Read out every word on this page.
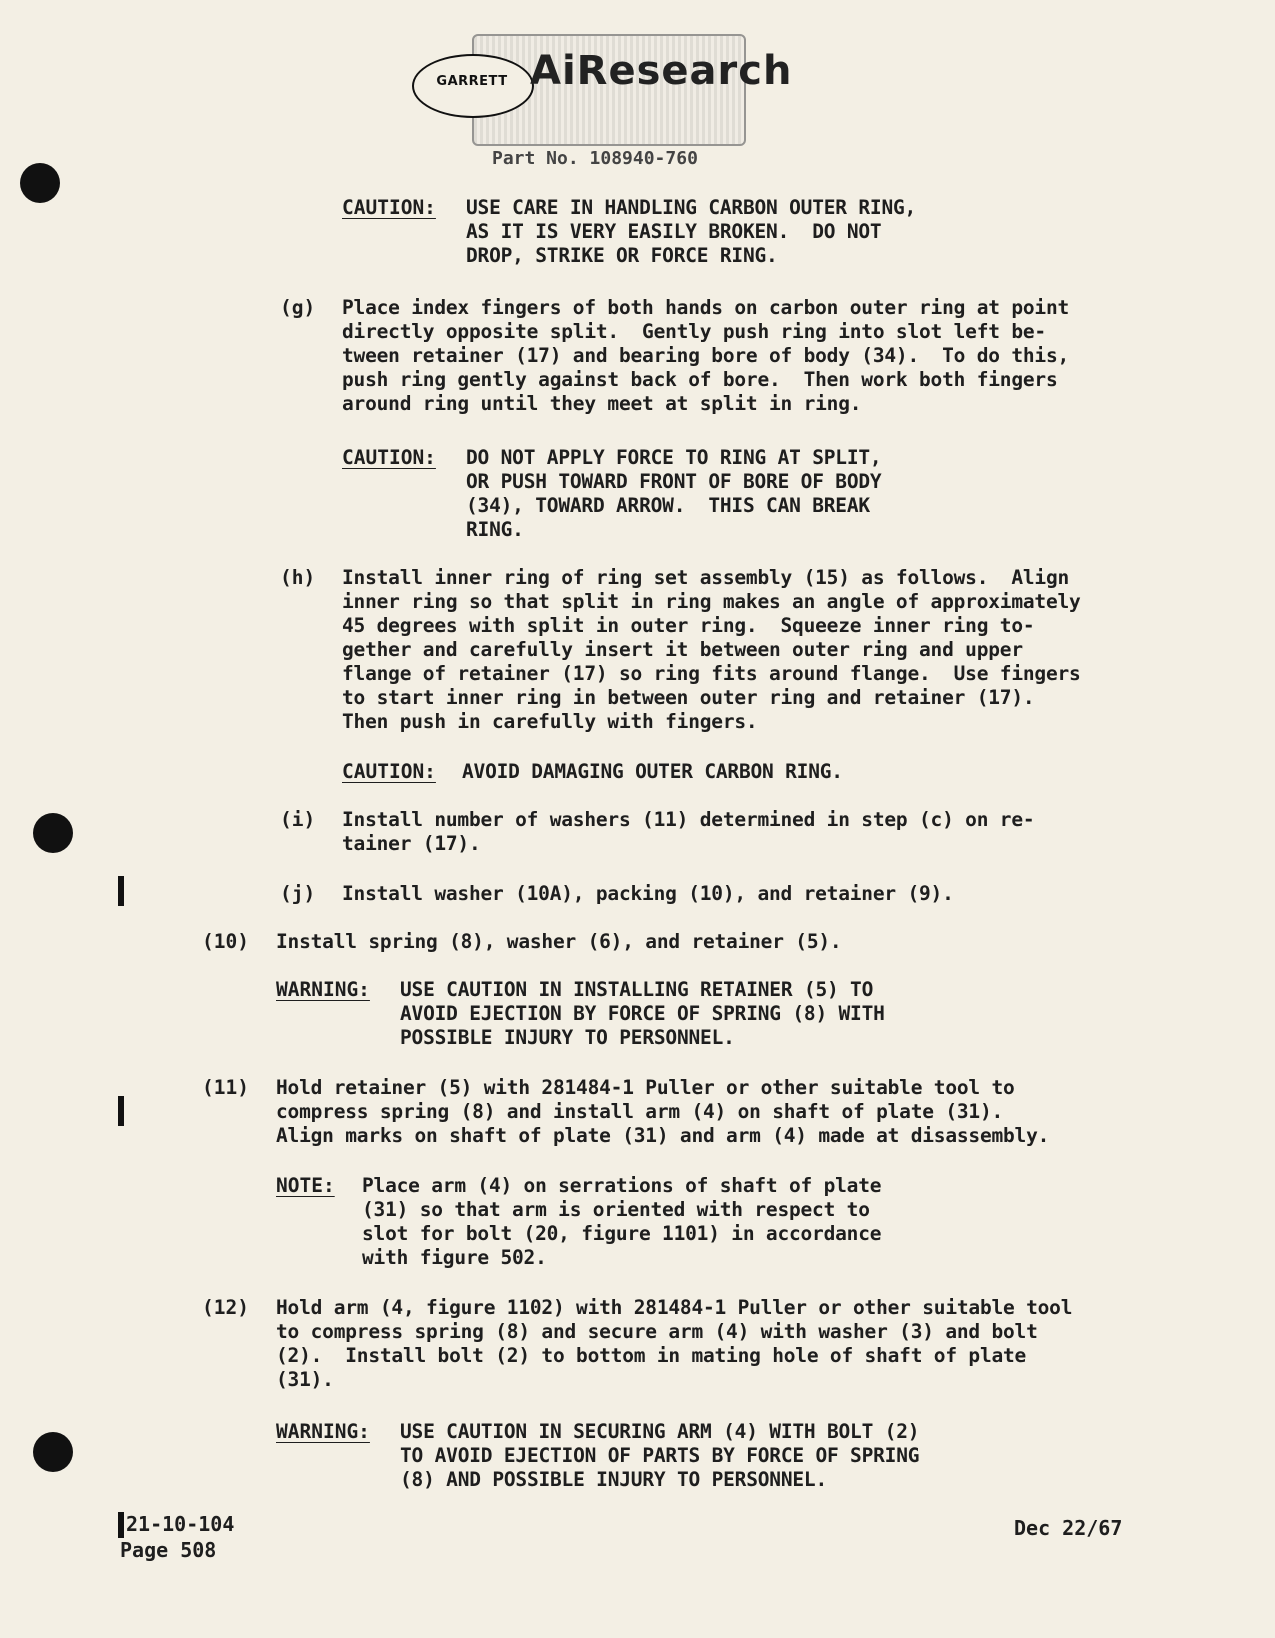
GARRETT AiResearch
Part No. 108940-760
CAUTION: USE CARE IN HANDLING CARBON OUTER RING,
AS IT IS VERY EASILY BROKEN.  DO NOT
DROP, STRIKE OR FORCE RING.
(g) Place index fingers of both hands on carbon outer ring at point
directly opposite split.  Gently push ring into slot left be-
tween retainer (17) and bearing bore of body (34).  To do this,
push ring gently against back of bore.  Then work both fingers
around ring until they meet at split in ring.
CAUTION: DO NOT APPLY FORCE TO RING AT SPLIT,
OR PUSH TOWARD FRONT OF BORE OF BODY
(34), TOWARD ARROW.  THIS CAN BREAK
RING.
(h) Install inner ring of ring set assembly (15) as follows.  Align
inner ring so that split in ring makes an angle of approximately
45 degrees with split in outer ring.  Squeeze inner ring to-
gether and carefully insert it between outer ring and upper
flange of retainer (17) so ring fits around flange.  Use fingers
to start inner ring in between outer ring and retainer (17).
Then push in carefully with fingers.
CAUTION: AVOID DAMAGING OUTER CARBON RING.
(i) Install number of washers (11) determined in step (c) on re-
tainer (17).
(j) Install washer (10A), packing (10), and retainer (9).
(10) Install spring (8), washer (6), and retainer (5).
WARNING: USE CAUTION IN INSTALLING RETAINER (5) TO
AVOID EJECTION BY FORCE OF SPRING (8) WITH
POSSIBLE INJURY TO PERSONNEL.
(11) Hold retainer (5) with 281484-1 Puller or other suitable tool to
compress spring (8) and install arm (4) on shaft of plate (31).
Align marks on shaft of plate (31) and arm (4) made at disassembly.
NOTE: Place arm (4) on serrations of shaft of plate
(31) so that arm is oriented with respect to
slot for bolt (20, figure 1101) in accordance
with figure 502.
(12) Hold arm (4, figure 1102) with 281484-1 Puller or other suitable tool
to compress spring (8) and secure arm (4) with washer (3) and bolt
(2).  Install bolt (2) to bottom in mating hole of shaft of plate
(31).
WARNING: USE CAUTION IN SECURING ARM (4) WITH BOLT (2)
TO AVOID EJECTION OF PARTS BY FORCE OF SPRING
(8) AND POSSIBLE INJURY TO PERSONNEL.
21-10-104
Page 508
Dec 22/67
